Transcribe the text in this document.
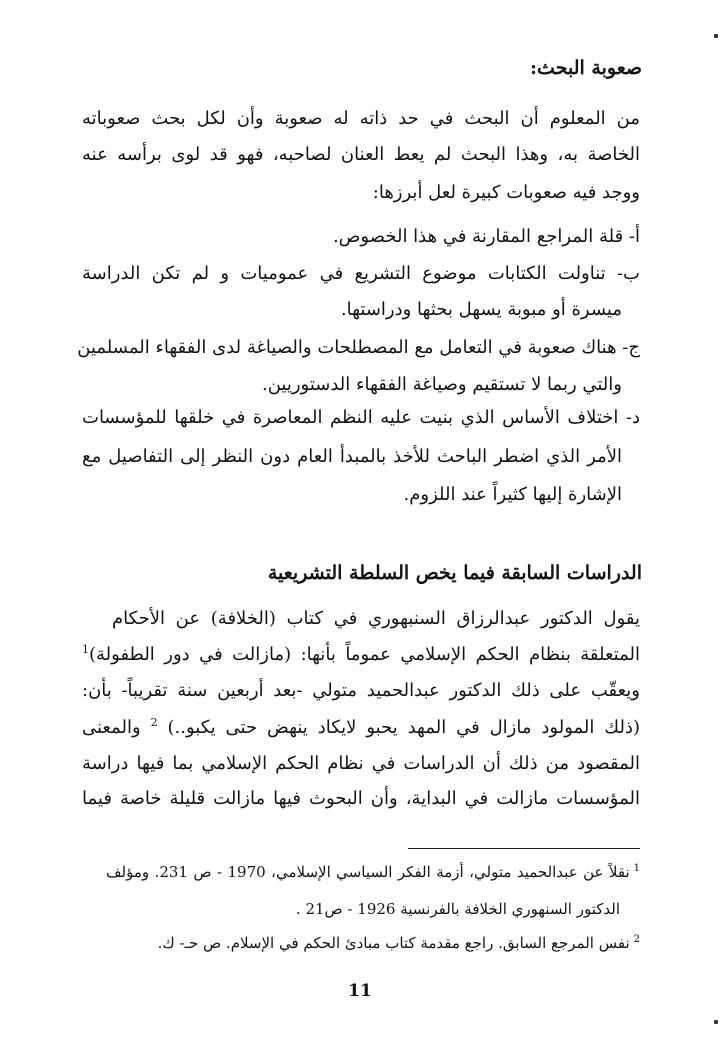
صعوبة البحث:
من المعلوم أن البحث في حد ذاته له صعوبة وأن لكل بحث صعوباته
الخاصة به، وهذا البحث لم يعط العنان لصاحبه، فهو قد لوى برأسه عنه
ووجد فيه صعوبات كبيرة لعل أبرزها:
أ- قلة المراجع المقارنة في هذا الخصوص.
ب- تناولت الكتابات موضوع التشريع في عموميات و لم تكن الدراسة
ميسرة أو مبوبة يسهل بحثها ودراستها.
ج- هناك صعوبة في التعامل مع المصطلحات والصياغة لدى الفقهاء المسلمين
والتي ربما لا تستقيم وصياغة الفقهاء الدستوريين.
د- اختلاف الأساس الذي بنيت عليه النظم المعاصرة في خلقها للمؤسسات
الأمر الذي اضطر الباحث للأخذ بالمبدأ العام دون النظر إلى التفاصيل مع
الإشارة إليها كثيراً عند اللزوم.
الدراسات السابقة فيما يخص السلطة التشريعية
يقول الدكتور عبدالرزاق السنبهوري في كتاب (الخلافة) عن الأحكام
المتعلقة بنظام الحكم الإسلامي عموماً بأنها: (مازالت في دور الطفولة)$^1$
ويعقّب على ذلك الدكتور عبدالحميد متولي -بعد أربعين سنة تقريباً- بأن:
(ذلك المولود مازال في المهد يحبو لايكاد ينهض حتى يكبو..) $^2$ والمعنى
المقصود من ذلك أن الدراسات في نظام الحكم الإسلامي بما فيها دراسة
المؤسسات مازالت في البداية، وأن البحوث فيها مازالت قليلة خاصة فيما
$^1$نقلاً عن عبدالحميد متولي، أزمة الفكر السياسي الإسلامي، 1970 - ص 231. ومؤلف
الدكتور السنهوري الخلافة بالفرنسية 1926 - ص21 .
$^2$نفس المرجع السابق. راجع مقدمة كتاب مبادئ الحكم في الإسلام. ص حـ- ك.
11
